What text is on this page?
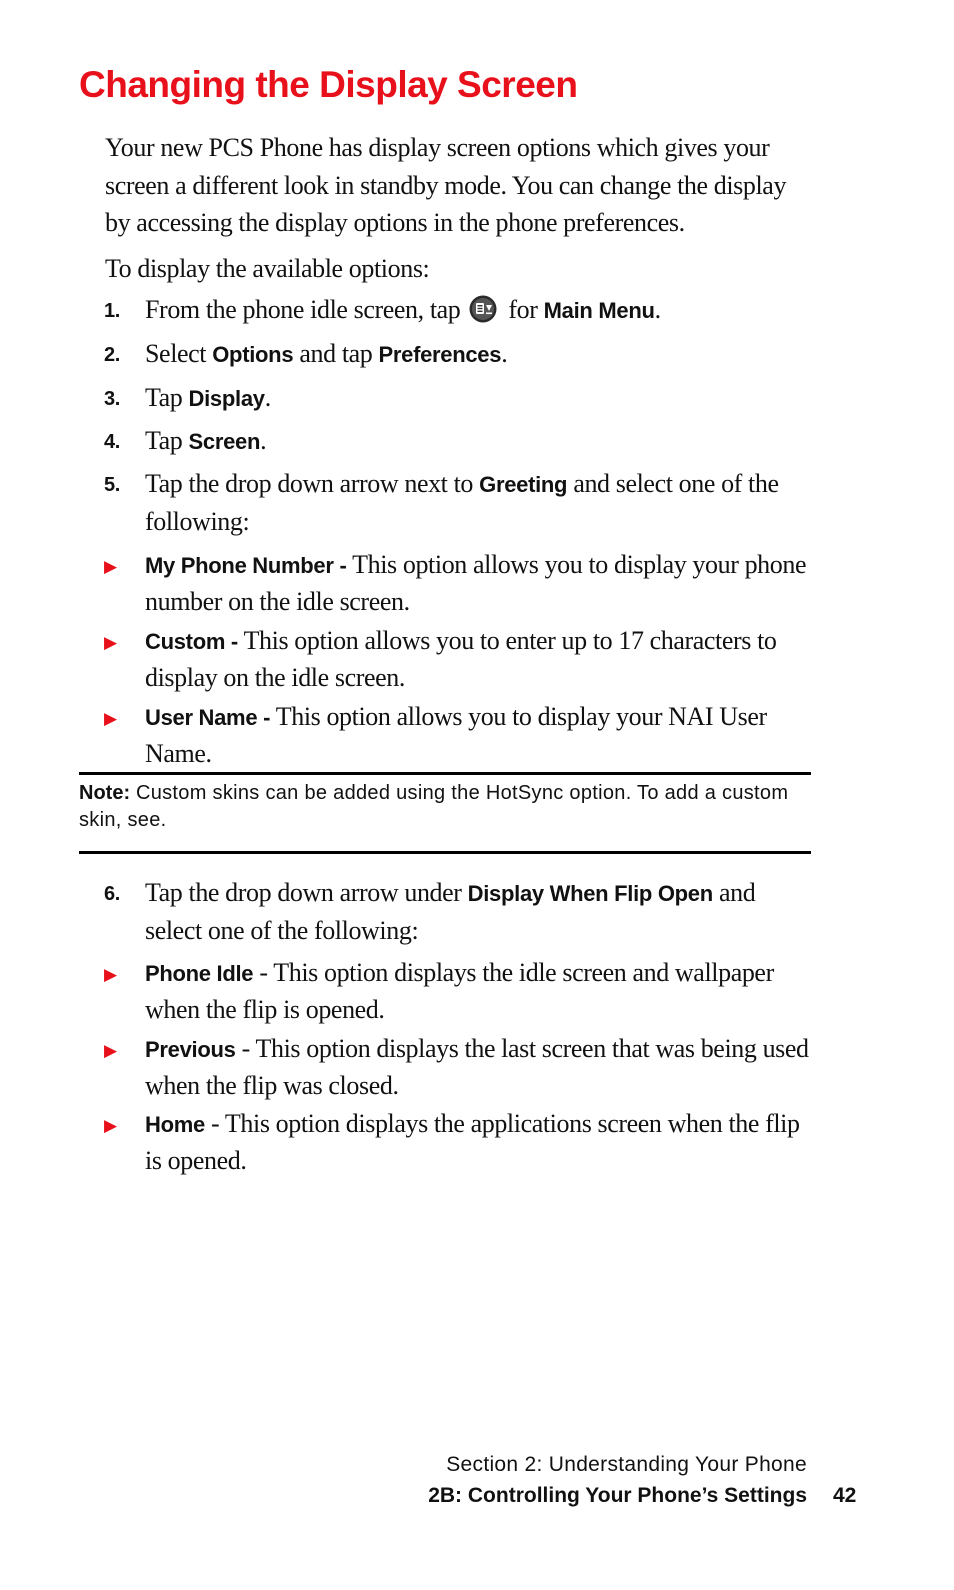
Changing the Display Screen

Your new PCS Phone has display screen options which gives your screen a different look in standby mode. You can change the display by accessing the display options in the phone preferences.

To display the available options:

1. From the phone idle screen, tap for Main Menu.
2. Select Options and tap Preferences.
3. Tap Display.
4. Tap Screen.
5. Tap the drop down arrow next to Greeting and select one of the following:
▶ My Phone Number - This option allows you to display your phone number on the idle screen.
▶ Custom - This option allows you to enter up to 17 characters to display on the idle screen.
▶ User Name - This option allows you to display your NAI User Name.
Note: Custom skins can be added using the HotSync option. To add a custom skin, see.
6. Tap the drop down arrow under Display When Flip Open and select one of the following:
▶ Phone Idle - This option displays the idle screen and wallpaper when the flip is opened.
▶ Previous - This option displays the last screen that was being used when the flip was closed.
▶ Home - This option displays the applications screen when the flip is opened.
Section 2: Understanding Your Phone
2B: Controlling Your Phone’s Settings 42
